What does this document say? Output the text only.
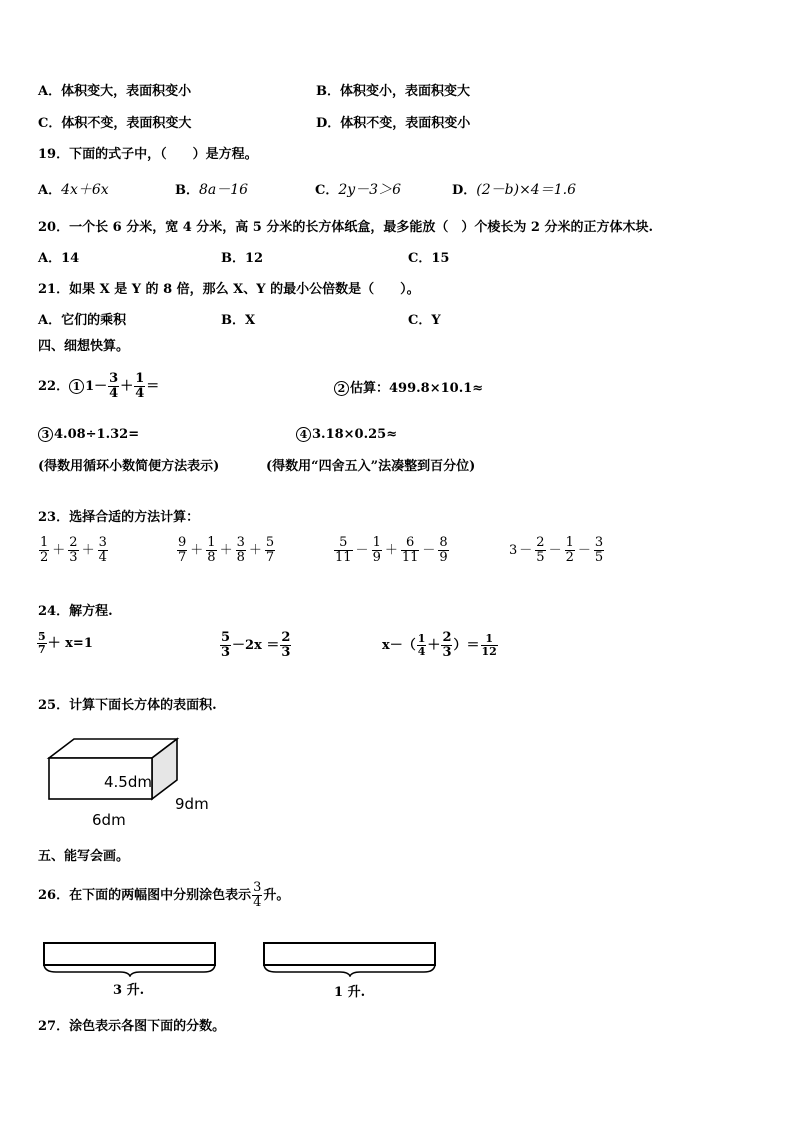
A．体积变大，表面积变小	B．体积变小，表面积变大
C．体积不变，表面积变大	D．体积不变，表面积变小
19．下面的式子中，（　　）是方程。
A．4x＋6x	B．8a－16	C．2y－3＞6	D．(2－b)×4＝1.6
20．一个长 6 分米，宽 4 分米，高 5 分米的长方体纸盒，最多能放（　）个棱长为 2 分米的正方体木块.
A．14	B．12	C．15
21．如果 X 是 Y 的 8 倍，那么 X、Y 的最小公倍数是（　　）。
A．它们的乘积	B．X	C．Y
四、细想快算。
22． 1 $1- \frac{3}{4} + \frac{1}{4}$ ＝	2 估算：499.8×10.1≈
3 4.08÷1.32=	4 3.18×0.25≈
(得数用循环小数简便方法表示)	(得数用“四舍五入”法凑整到百分位)
23．选择合适的方法计算：
$\frac{1}{2} + \frac{2}{3} + \frac{3}{4}$	$\frac{9}{7} + \frac{1}{8} + \frac{3}{8} + \frac{5}{7}$	$\frac{5}{11} - \frac{1}{9} + \frac{6}{11} - \frac{8}{9}$	$3 - \frac{2}{5} - \frac{1}{2} - \frac{3}{5}$
24．解方程.
$\frac{5}{7} + x=1$	$\frac{5}{3} -2x = \frac{2}{3}$	$x-( \frac{1}{4} + \frac{2}{3}$ ）＝ $\frac{1}{12}$
25．计算下面长方体的表面积.
4.5dm
9dm
6dm
五、能写会画。
26．在下面的两幅图中分别涂色表示 $\frac{3}{4}$ 升。
3 升.	1 升.
27．涂色表示各图下面的分数。
